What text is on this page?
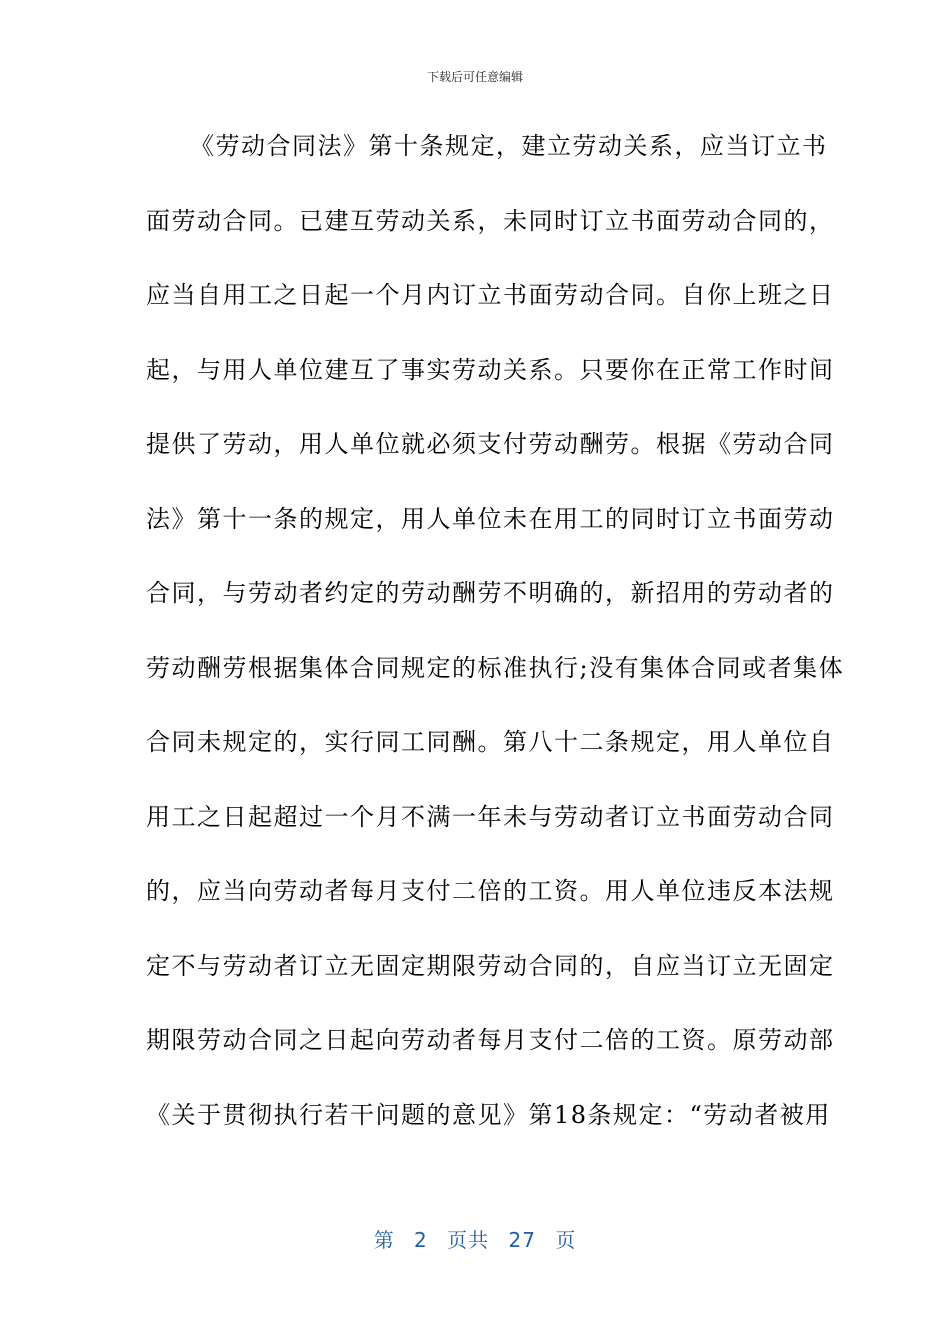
下载后可任意编辑
《劳动合同法》第十条规定，建立劳动关系，应当订立书
面劳动合同。已建互劳动关系，未同时订立书面劳动合同的，
应当自用工之日起一个月内订立书面劳动合同。自你上班之日
起，与用人单位建互了事实劳动关系。只要你在正常工作时间
提供了劳动，用人单位就必须支付劳动酬劳。根据《劳动合同
法》第十一条的规定，用人单位未在用工的同时订立书面劳动
合同，与劳动者约定的劳动酬劳不明确的，新招用的劳动者的
劳动酬劳根据集体合同规定的标准执行;没有集体合同或者集体
合同未规定的，实行同工同酬。第八十二条规定，用人单位自
用工之日起超过一个月不满一年未与劳动者订立书面劳动合同
的，应当向劳动者每月支付二倍的工资。用人单位违反本法规
定不与劳动者订立无固定期限劳动合同的，自应当订立无固定
期限劳动合同之日起向劳动者每月支付二倍的工资。原劳动部
《关于贯彻执行若干问题的意见》第18条规定：“劳动者被用
第 2 页共 27 页
